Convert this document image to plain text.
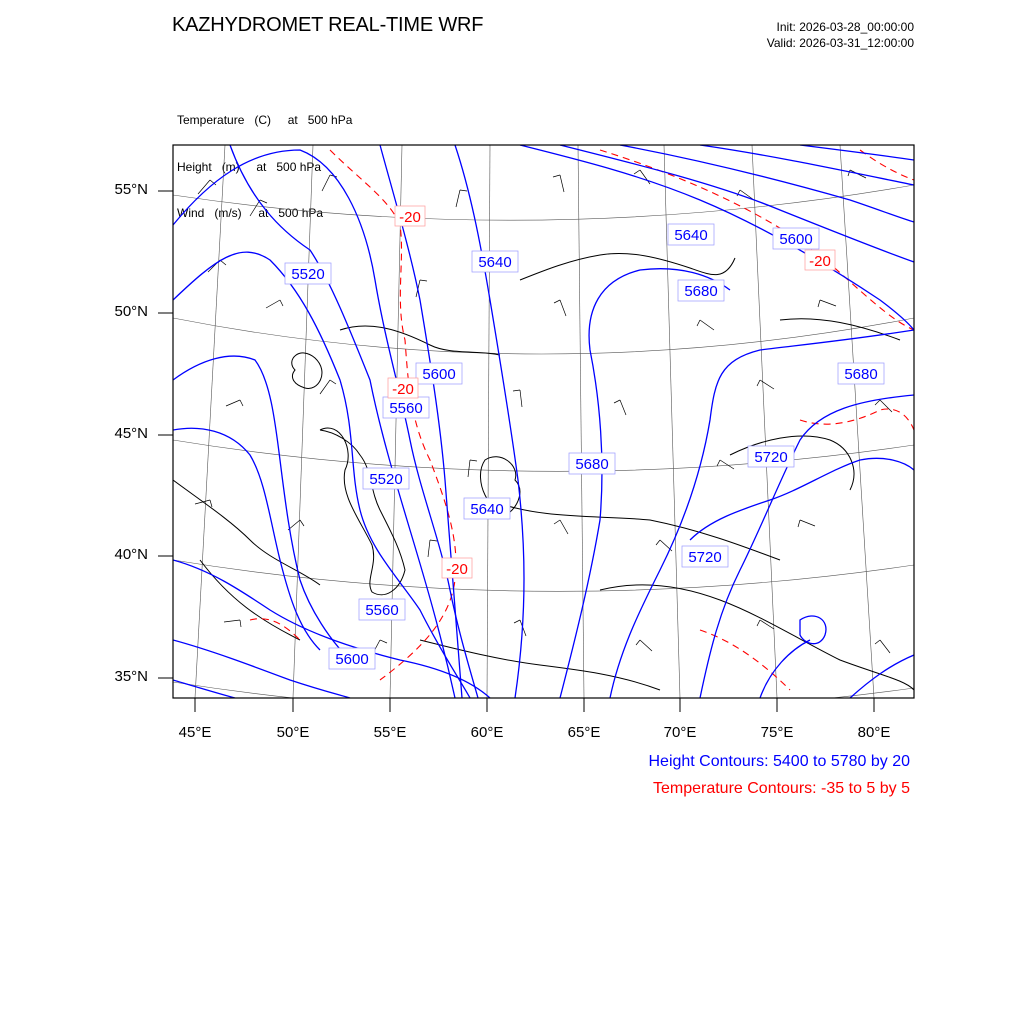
KAZHYDROMET REAL-TIME WRF	Init: 2026-03-28_00:00:00
Valid: 2026-03-31_12:00:00

Temperature   (C)     at   500 hPa

Height   (m)     at   500 hPa

Wind   (m/s)     at   500 hPa

5520
5640
5640	5600
5680
5600
5560
5520
5680
5680	5720
5640
5720
5560
5600
-20
-20
-20
-20
55°N
50°N
45°N
40°N
35°N
45°E	50°E	55°E	60°E	65°E	70°E	75°E	80°E
Height Contours: 5400 to 5780 by 20
Temperature Contours: -35 to 5 by 5
